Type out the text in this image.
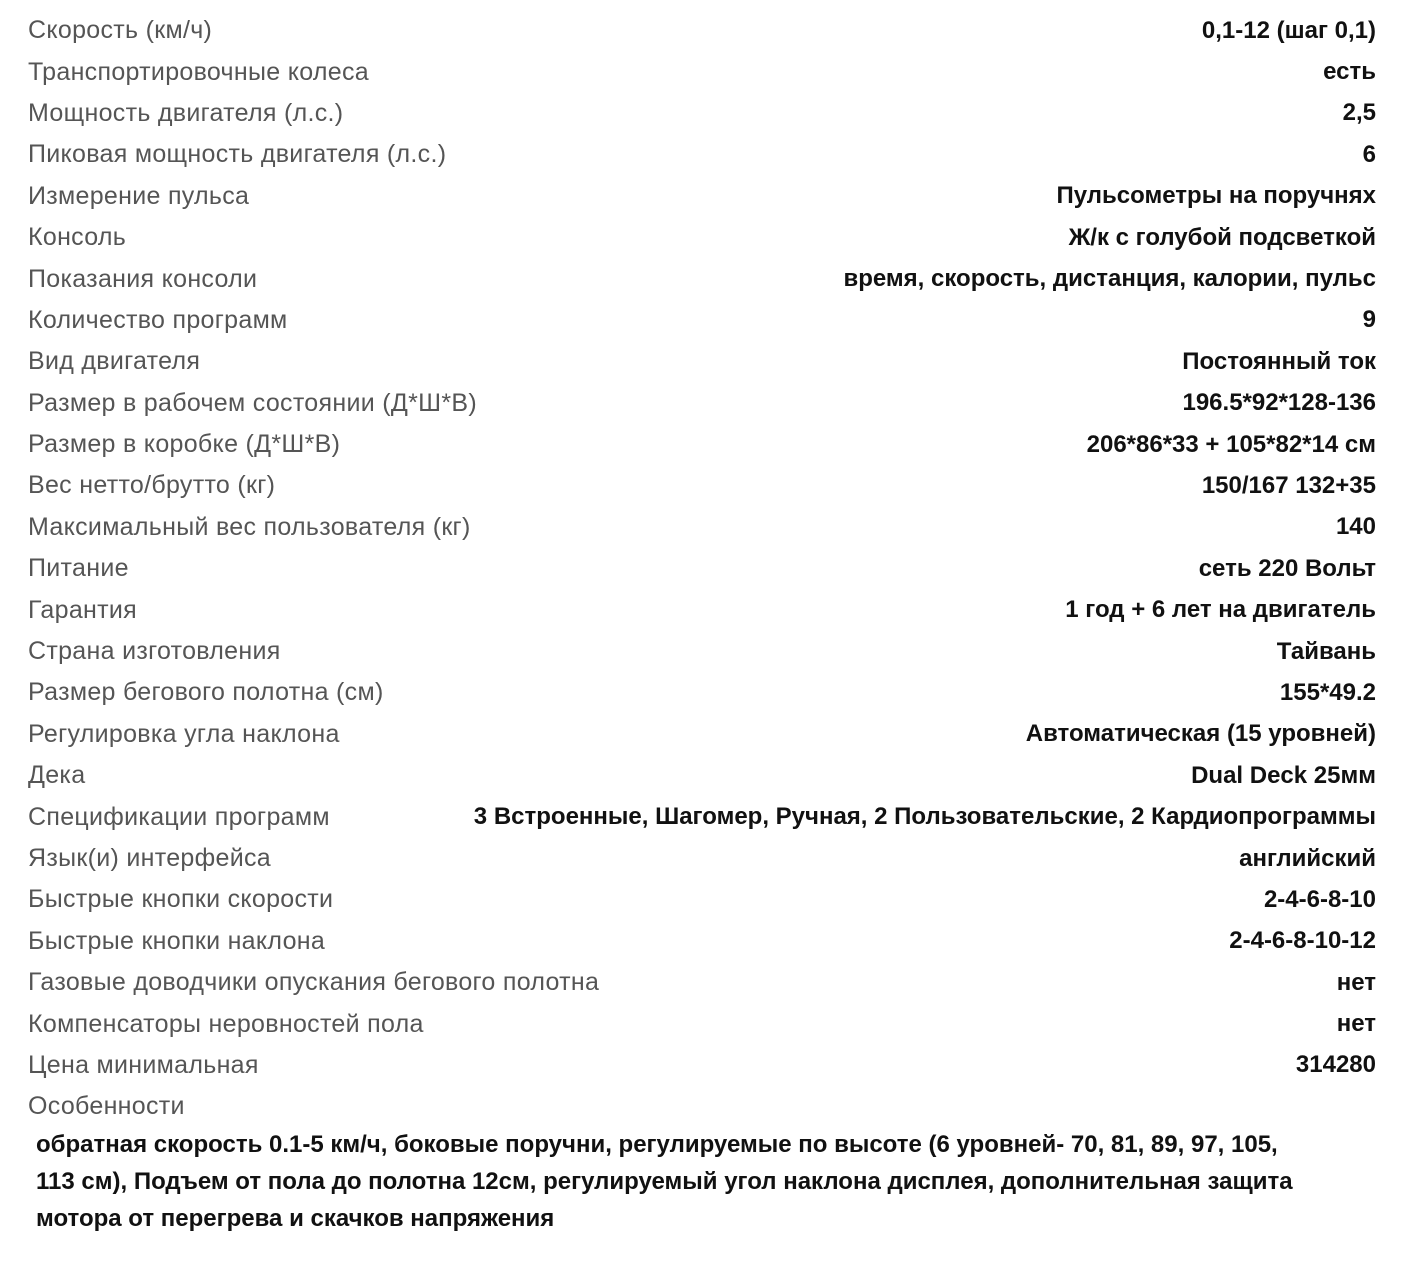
Скорость (км/ч)	0,1-12 (шаг 0,1)
Транспортировочные колеса	есть
Мощность двигателя (л.с.)	2,5
Пиковая мощность двигателя (л.с.)	6
Измерение пульса	Пульсометры на поручнях
Консоль	Ж/к с голубой подсветкой
Показания консоли	время, скорость, дистанция, калории, пульс
Количество программ	9
Вид двигателя	Постоянный ток
Размер в рабочем состоянии (Д*Ш*В)	196.5*92*128-136
Размер в коробке (Д*Ш*В)	206*86*33 + 105*82*14 см
Вес нетто/брутто (кг)	150/167 132+35
Максимальный вес пользователя (кг)	140
Питание	сеть 220 Вольт
Гарантия	1 год + 6 лет на двигатель
Страна изготовления	Тайвань
Размер бегового полотна (см)	155*49.2
Регулировка угла наклона	Автоматическая (15 уровней)
Дека	Dual Deck 25мм
Спецификации программ	3 Встроенные, Шагомер, Ручная, 2 Пользовательские, 2 Кардиопрограммы
Язык(и) интерфейса	английский
Быстрые кнопки скорости	2-4-6-8-10
Быстрые кнопки наклона	2-4-6-8-10-12
Газовые доводчики опускания бегового полотна	нет
Компенсаторы неровностей пола	нет
Цена минимальная	314280
Особенности
обратная скорость 0.1-5 км/ч, боковые поручни, регулируемые по высоте (6 уровней- 70, 81, 89, 97, 105, 113 см), Подъем от пола до полотна 12см, регулируемый угол наклона дисплея, дополнительная защита мотора от перегрева и скачков напряжения
